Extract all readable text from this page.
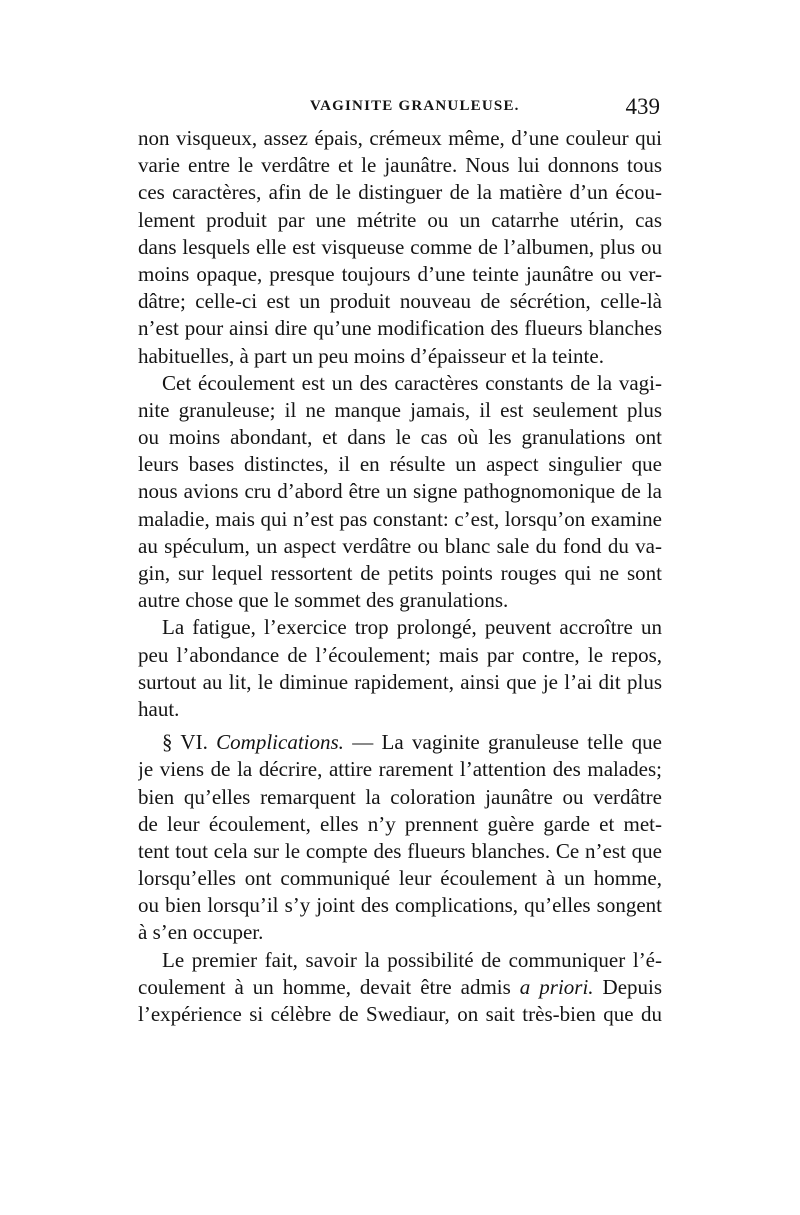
VAGINITE GRANULEUSE.	439
non visqueux, assez épais, crémeux même, d’une couleur qui
varie entre le verdâtre et le jaunâtre. Nous lui donnons tous
ces caractères, afin de le distinguer de la matière d’un écou-
lement produit par une métrite ou un catarrhe utérin, cas
dans lesquels elle est visqueuse comme de l’albumen, plus ou
moins opaque, presque toujours d’une teinte jaunâtre ou ver-
dâtre; celle-ci est un produit nouveau de sécrétion, celle-là
n’est pour ainsi dire qu’une modification des flueurs blanches
habituelles, à part un peu moins d’épaisseur et la teinte.
Cet écoulement est un des caractères constants de la vagi-
nite granuleuse; il ne manque jamais, il est seulement plus
ou moins abondant, et dans le cas où les granulations ont
leurs bases distinctes, il en résulte un aspect singulier que
nous avions cru d’abord être un signe pathognomonique de la
maladie, mais qui n’est pas constant: c’est, lorsqu’on examine
au spéculum, un aspect verdâtre ou blanc sale du fond du va-
gin, sur lequel ressortent de petits points rouges qui ne sont
autre chose que le sommet des granulations.
La fatigue, l’exercice trop prolongé, peuvent accroître un
peu l’abondance de l’écoulement; mais par contre, le repos,
surtout au lit, le diminue rapidement, ainsi que je l’ai dit plus
haut.
§ VI. Complications. — La vaginite granuleuse telle que
je viens de la décrire, attire rarement l’attention des malades;
bien qu’elles remarquent la coloration jaunâtre ou verdâtre
de leur écoulement, elles n’y prennent guère garde et met-
tent tout cela sur le compte des flueurs blanches. Ce n’est que
lorsqu’elles ont communiqué leur écoulement à un homme,
ou bien lorsqu’il s’y joint des complications, qu’elles songent
à s’en occuper.
Le premier fait, savoir la possibilité de communiquer l’é-
coulement à un homme, devait être admis a priori. Depuis
l’expérience si célèbre de Swediaur, on sait très-bien que du
